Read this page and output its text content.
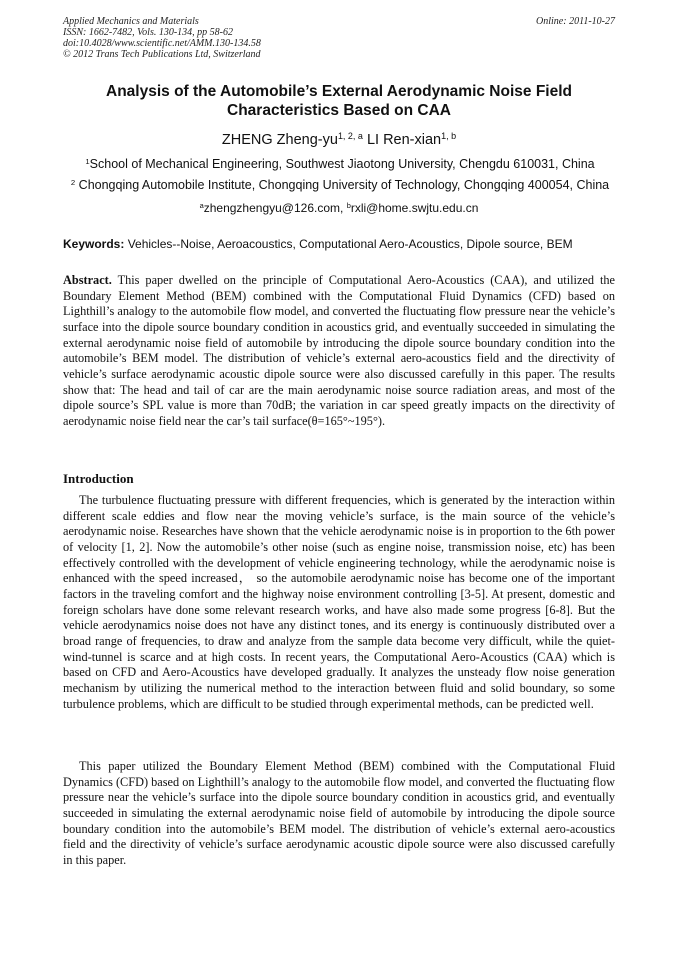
Applied Mechanics and Materials
ISSN: 1662-7482, Vols. 130-134, pp 58-62
doi:10.4028/www.scientific.net/AMM.130-134.58
© 2012 Trans Tech Publications Ltd, Switzerland
Online: 2011-10-27
Analysis of the Automobile’s External Aerodynamic Noise Field
Characteristics Based on CAA
ZHENG Zheng-yu$^{1, 2, a}$ LI Ren-xian$^{1, b}$
$^1$School of Mechanical Engineering, Southwest Jiaotong University, Chengdu 610031, China
$^2$ Chongqing Automobile Institute, Chongqing University of Technology, Chongqing 400054, China
$^a$zhengzhengyu@126.com, $^b$rxli@home.swjtu.edu.cn
Keywords: Vehicles--Noise, Aeroacoustics, Computational Aero-Acoustics, Dipole source, BEM
Abstract. This paper dwelled on the principle of Computational Aero-Acoustics (CAA), and utilized the Boundary Element Method (BEM) combined with the Computational Fluid Dynamics (CFD) based on Lighthill’s analogy to the automobile flow model, and converted the fluctuating flow pressure near the vehicle’s surface into the dipole source boundary condition in acoustics grid, and eventually succeeded in simulating the external aerodynamic noise field of automobile by introducing the dipole source boundary condition into the automobile’s BEM model. The distribution of vehicle’s external aero-acoustics field and the directivity of vehicle’s surface aerodynamic acoustic dipole source were also discussed carefully in this paper. The results show that: The head and tail of car are the main aerodynamic noise source radiation areas, and most of the dipole source’s SPL value is more than 70dB; the variation in car speed greatly impacts on the directivity of aerodynamic noise field near the car’s tail surface(θ=165°~195°).
Introduction
The turbulence fluctuating pressure with different frequencies, which is generated by the interaction within different scale eddies and flow near the moving vehicle’s surface, is the main source of the vehicle’s aerodynamic noise. Researches have shown that the vehicle aerodynamic noise is in proportion to the 6th power of velocity [1, 2]. Now the automobile’s other noise (such as engine noise, transmission noise, etc) has been effectively controlled with the development of vehicle engineering technology, while the aerodynamic noise is enhanced with the speed increased， so the automobile aerodynamic noise has become one of the important factors in the traveling comfort and the highway noise environment controlling [3-5]. At present, domestic and foreign scholars have done some relevant research works, and have also made some progress [6-8]. But the vehicle aerodynamics noise does not have any distinct tones, and its energy is continuously distributed over a broad range of frequencies, to draw and analyze from the sample data become very difficult, while the quiet-wind-tunnel is scarce and at high costs. In recent years, the Computational Aero-Acoustics (CAA) which is based on CFD and Aero-Acoustics have developed gradually. It analyzes the unsteady flow noise generation mechanism by utilizing the numerical method to the interaction between fluid and solid boundary, so some turbulence problems, which are difficult to be studied through experimental methods, can be predicted well.
This paper utilized the Boundary Element Method (BEM) combined with the Computational Fluid Dynamics (CFD) based on Lighthill’s analogy to the automobile flow model, and converted the fluctuating flow pressure near the vehicle’s surface into the dipole source boundary condition in acoustics grid, and eventually succeeded in simulating the external aerodynamic noise field of automobile by introducing the dipole source boundary condition into the automobile’s BEM model. The distribution of vehicle’s external aero-acoustics field and the directivity of vehicle’s surface aerodynamic acoustic dipole source were also discussed carefully in this paper.
